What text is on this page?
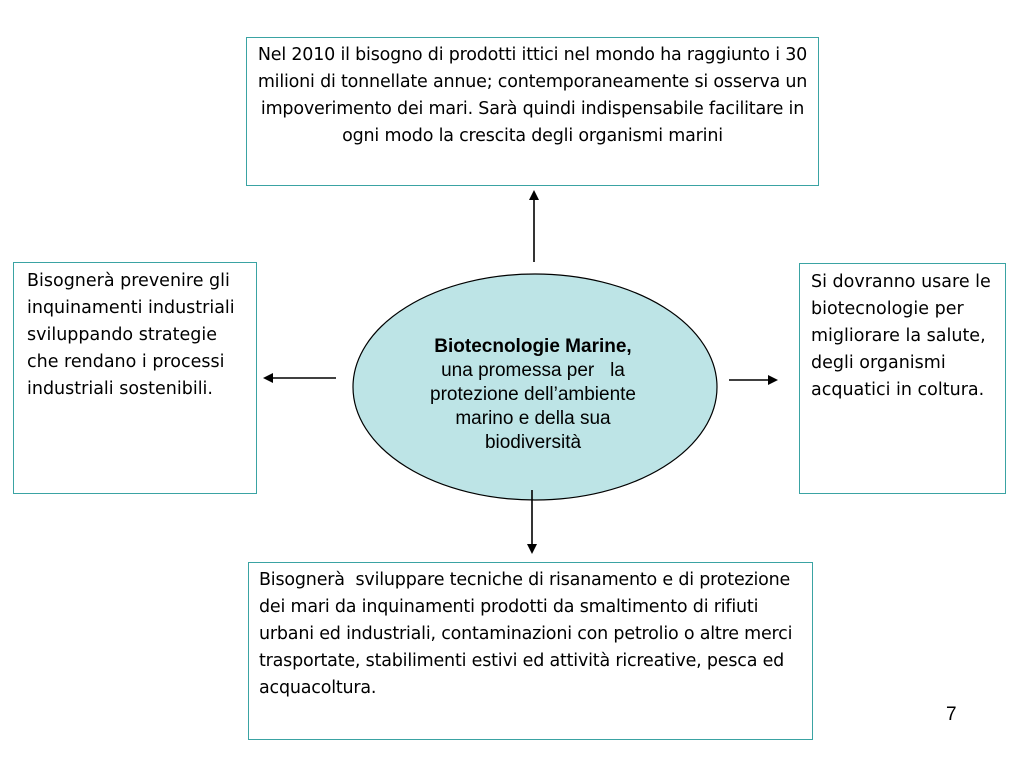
Biotecnologie Marine,
una promessa per   la
protezione dell’ambiente
marino e della sua
biodiversità
Nel 2010 il bisogno di prodotti ittici nel mondo ha raggiunto i 30 milioni di tonnellate annue; contemporaneamente si osserva un impoverimento dei mari. Sarà quindi indispensabile facilitare in ogni modo la crescita degli organismi marini
Bisognerà prevenire gli inquinamenti industriali sviluppando strategie che rendano i processi industriali sostenibili.
Si dovranno usare le biotecnologie per migliorare la salute, degli organismi acquatici in coltura.
Bisognerà  sviluppare tecniche di risanamento e di protezione dei mari da inquinamenti prodotti da smaltimento di rifiuti urbani ed industriali, contaminazioni con petrolio o altre merci trasportate, stabilimenti estivi ed attività ricreative, pesca ed acquacoltura.
7
